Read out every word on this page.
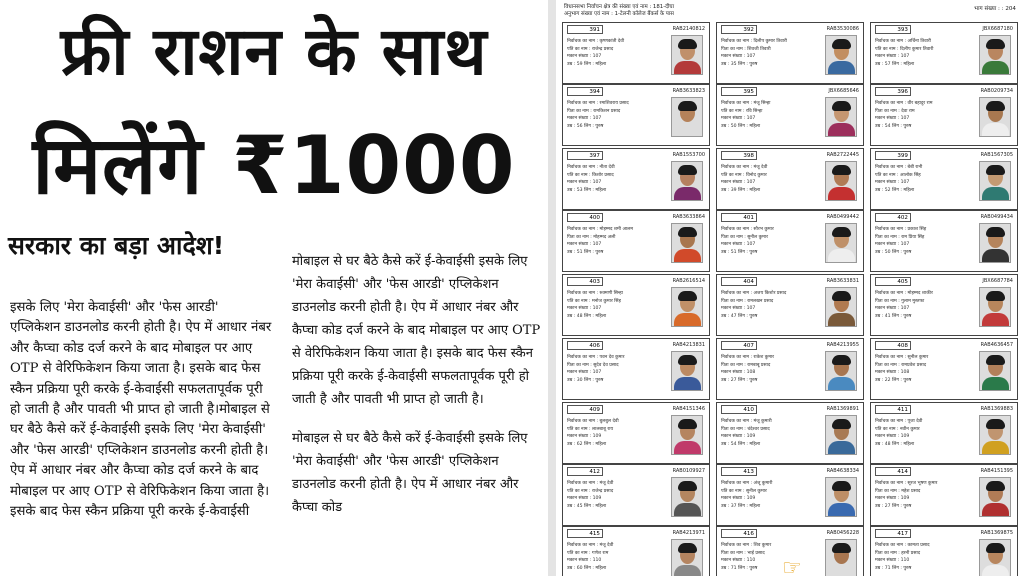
फ्री राशन के साथ
मिलेंगे ₹1000
सरकार का बड़ा आदेश!

इसके लिए 'मेरा केवाईसी' और 'फेस आरडी' एप्लिकेशन डाउनलोड करनी होती है। ऐप में आधार नंबर और कैप्चा कोड दर्ज करने के बाद मोबाइल पर आए OTP से वेरिफिकेशन किया जाता है। इसके बाद फेस स्कैन प्रक्रिया पूरी करके ई-केवाईसी सफलतापूर्वक पूरी हो जाती है और पावती भी प्राप्त हो जाती है।मोबाइल से घर बैठे कैसे करें ई-केवाईसी इसके लिए 'मेरा केवाईसी' और 'फेस आरडी' एप्लिकेशन डाउनलोड करनी होती है। ऐप में आधार नंबर और कैप्चा कोड दर्ज करने के बाद मोबाइल पर आए OTP से वेरिफिकेशन किया जाता है। इसके बाद फेस स्कैन प्रक्रिया पूरी करके ई-केवाईसी

मोबाइल से घर बैठे कैसे करें ई-केवाईसी इसके लिए 'मेरा केवाईसी' और 'फेस आरडी' एप्लिकेशन डाउनलोड करनी होती है। ऐप में आधार नंबर और कैप्चा कोड दर्ज करने के बाद मोबाइल पर आए OTP से वेरिफिकेशन किया जाता है। इसके बाद फेस स्कैन प्रक्रिया पूरी करके ई-केवाईसी सफलतापूर्वक पूरी हो जाती है और पावती भी प्राप्त हो जाती है।

मोबाइल से घर बैठे कैसे करें ई-केवाईसी इसके लिए 'मेरा केवाईसी' और 'फेस आरडी' एप्लिकेशन डाउनलोड करनी होती है। ऐप में आधार नंबर और कैप्चा कोड

विधानसभा निर्वाचन क्षेत्र की संख्या एवं नाम : 181-दीघा
अनुभाग संख्या एवं नाम : 1-टेलनी कॉलेज बैंकर्स के पास
भाग संख्या : : 204
391	RAB2140812
निर्वाचक का नाम : कृष्णकांती देवी
पति का नाम : राजेन्द्र प्रसाद
मकान संख्या : 107
उम्र : 59 लिंग : महिला
392	RAB3530086
निर्वाचक का नाम : दिलीप कुमार तिवारी
पिता का नाम : शिवजी तिवारी
मकान संख्या : 107
उम्र : 35 लिंग : पुरुष
393	JBX6687180
निर्वाचक का नाम : अर्चिना तिवारी
पति का नाम : दिलीप कुमार तिवारी
मकान संख्या : 107
उम्र : 57 लिंग : महिला
394	RAB3633823
निर्वाचक का नाम : रमाशिवराय प्रसाद
पिता का नाम : रामकिशन प्रसाद
मकान संख्या : 107
उम्र : 56 लिंग : पुरुष
395	JBX6685646
निर्वाचक का नाम : मंजू सिन्हा
पति का नाम : रवि सिन्हा
मकान संख्या : 107
उम्र : 50 लिंग : महिला
396	RAB0209734
निर्वाचक का नाम : वीर बहादुर राम
पिता का नाम : देवा राम
मकान संख्या : 107
उम्र : 54 लिंग : पुरुष
397	RAB1553700
निर्वाचक का नाम : नीता देवी
पति का नाम : किशोर प्रसाद
मकान संख्या : 107
उम्र : 53 लिंग : महिला
398	RAB2722445
निर्वाचक का नाम : मंजू देवी
पति का नाम : विनोद कुमार
मकान संख्या : 107
उम्र : 39 लिंग : महिला
399	RAB1567305
निर्वाचक का नाम : बेबी रानी
पति का नाम : आलोक सिंह
मकान संख्या : 107
उम्र : 52 लिंग : महिला
400	RAB3633864
निर्वाचक का नाम : मोहम्मद शमी आलम
पिता का नाम : मोहम्मद अली
मकान संख्या : 107
उम्र : 51 लिंग : पुरुष
401	RAB0499442
निर्वाचक का नाम : सौरभ कुमार
पिता का नाम : सुनील कुमार
मकान संख्या : 107
उम्र : 51 लिंग : पुरुष
402	RAB0499434
निर्वाचक का नाम : प्रकाश सिंह
पिता का नाम : राम प्रिया सिंह
मकान संख्या : 107
उम्र : 50 लिंग : पुरुष
403	RAB2616514
निर्वाचक का नाम : रुक्मणी सिन्हा
पति का नाम : मनोज कुमार सिंह
मकान संख्या : 107
उम्र : 48 लिंग : महिला
404	RAB3633831
निर्वाचक का नाम : अजय किशोर प्रसाद
पिता का नाम : रामलखन प्रसाद
मकान संख्या : 107
उम्र : 47 लिंग : पुरुष
405	JBX6687784
निर्वाचक का नाम : मोहम्मद शाकीर
पिता का नाम : गुलाम मुस्तफा
मकान संख्या : 107
उम्र : 41 लिंग : पुरुष
406	RAB4213831
निर्वाचक का नाम : पवन देव कुमार
पिता का नाम : सुदेव देव प्रसाद
मकान संख्या : 107
उम्र : 30 लिंग : पुरुष
407	RAB4213955
निर्वाचक का नाम : राकेश कुमार
पिता का नाम : रामबाबू प्रसाद
मकान संख्या : 108
उम्र : 27 लिंग : पुरुष
408	RAB4636457
निर्वाचक का नाम : सुनील कुमार
पिता का नाम : रामप्रवेश प्रसाद
मकान संख्या : 108
उम्र : 22 लिंग : पुरुष
409	RAB4151346
निर्वाचक का नाम : बुलबुल देवी
पति का नाम : लालबाबू राय
मकान संख्या : 109
उम्र : 62 लिंग : महिला
410	RAB1369891
निर्वाचक का नाम : मंजू कुमारी
पिता का नाम : चंदेश्वर प्रसाद
मकान संख्या : 109
उम्र : 54 लिंग : महिला
411	RAB1369883
निर्वाचक का नाम : पूजा देवी
पति का नाम : नवीन कुमार
मकान संख्या : 109
उम्र : 48 लिंग : महिला
412	RAB0109927
निर्वाचक का नाम : मंजू देवी
पति का नाम : राजेन्द्र प्रसाद
मकान संख्या : 109
उम्र : 45 लिंग : महिला
413	RAB4638334
निर्वाचक का नाम : अंजू कुमारी
पति का नाम : सुनील कुमार
मकान संख्या : 109
उम्र : 37 लिंग : महिला
414	RAB4151395
निर्वाचक का नाम : सूरज भूषण कुमार
पिता का नाम : महेश प्रसाद
मकान संख्या : 109
उम्र : 27 लिंग : पुरुष
415	RAB4213971
निर्वाचक का नाम : मंजू देवी
पति का नाम : गणेश राम
मकान संख्या : 110
उम्र : 60 लिंग : महिला
416	RAB0456228
निर्वाचक का नाम : शिव कुमार
पिता का नाम : भाई प्रसाद
मकान संख्या : 110
उम्र : 71 लिंग : पुरुष
417	RAB1369875
निर्वाचक का नाम : कामता प्रसाद
पिता का नाम : हरनी प्रसाद
मकान संख्या : 110
उम्र : 71 लिंग : पुरुष
☞
